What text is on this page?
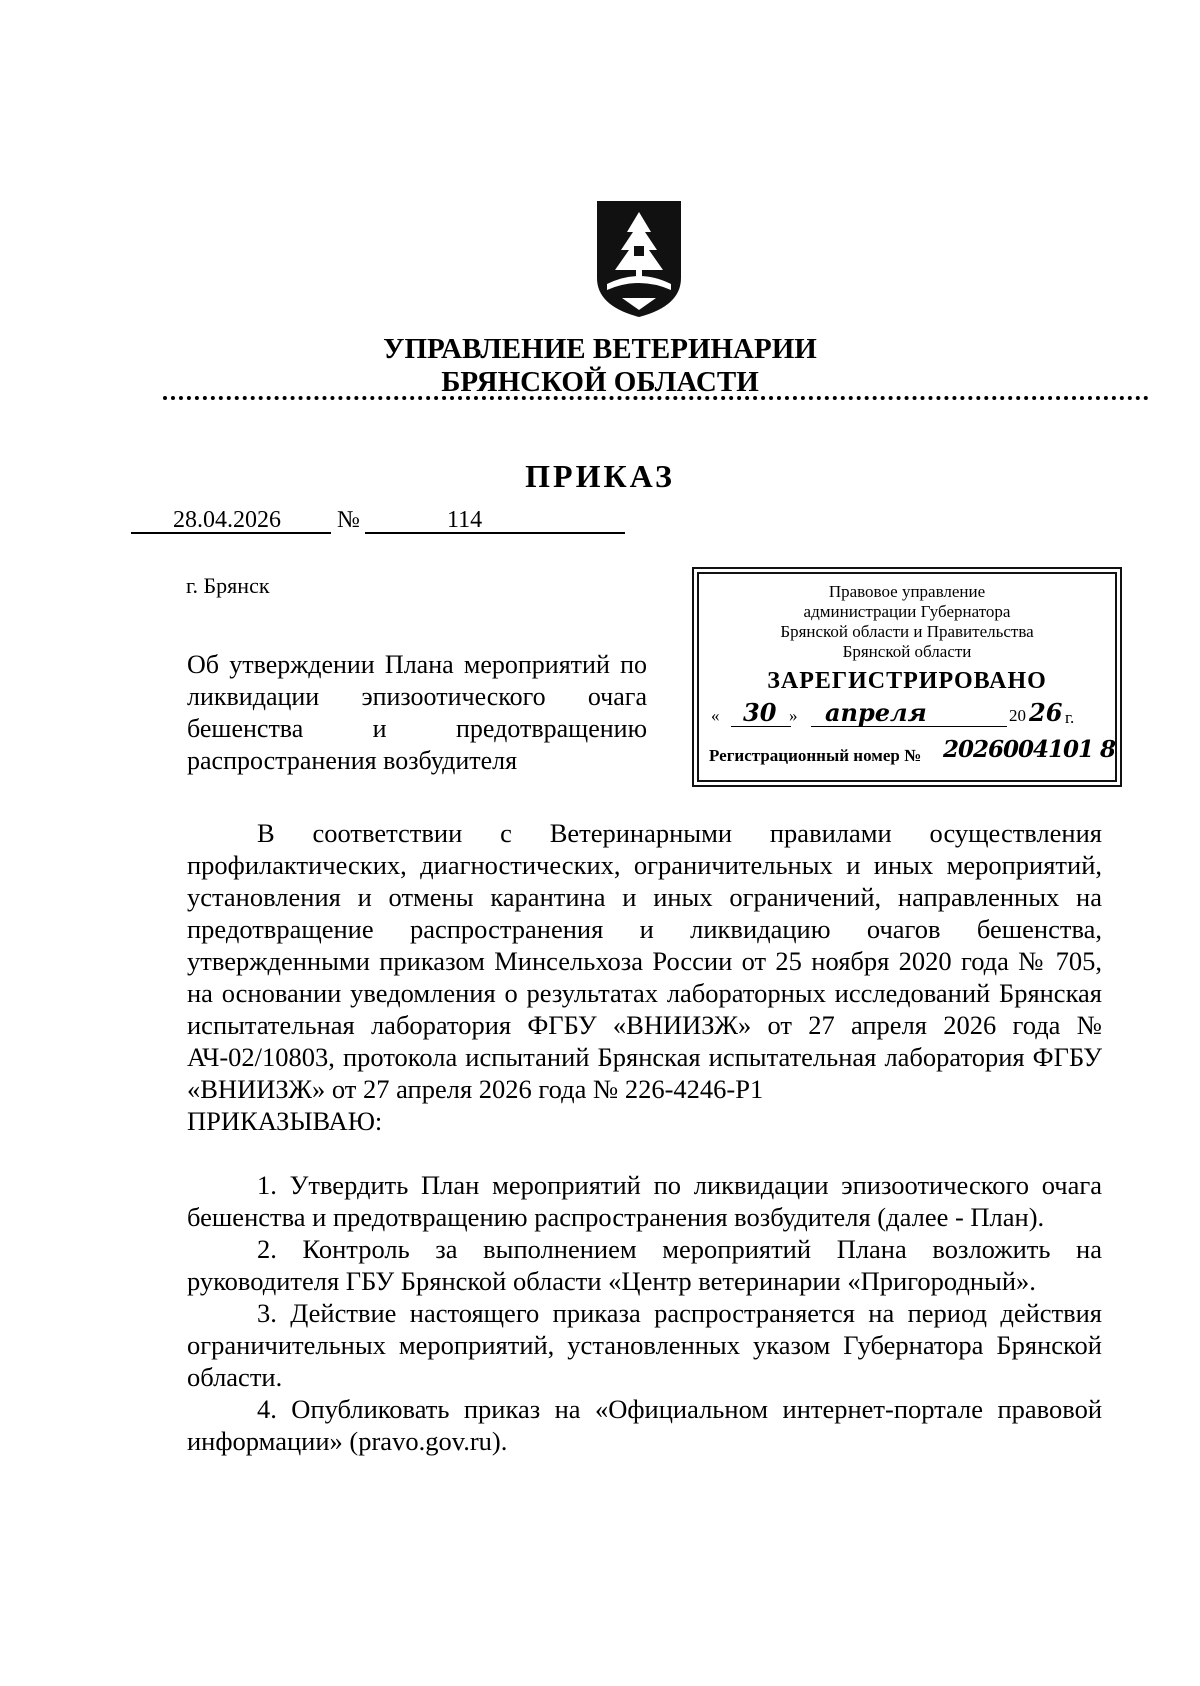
УПРАВЛЕНИЕ ВЕТЕРИНАРИИ
БРЯНСКОЙ ОБЛАСТИ
ПРИКАЗ
28.04.2026 №	114
г. Брянск

Об утверждении Плана мероприятий по ликвидации эпизоотического очага бешенства и предотвращению распространения возбудителя

Правовое управление
администрации Губернатора
Брянской области и Правительства
Брянской области
ЗАРЕГИСТРИРОВАНО
« 30 » апреля	20 26 г.
Регистрационный номер № 2026004101 8

В соответствии с Ветеринарными правилами осуществления профилактических, диагностических, ограничительных и иных мероприятий, установления и отмены карантина и иных ограничений, направленных на предотвращение распространения и ликвидацию очагов бешенства, утвержденными приказом Минсельхоза России от 25 ноября 2020 года № 705, на основании уведомления о результатах лабораторных исследований Брянская испытательная лаборатория ФГБУ «ВНИИЗЖ» от 27 апреля 2026 года № АЧ-02/10803, протокола испытаний Брянская испытательная лаборатория ФГБУ «ВНИИЗЖ» от 27 апреля 2026 года № 226-4246-Р1

ПРИКАЗЫВАЮ:

1. Утвердить План мероприятий по ликвидации эпизоотического очага бешенства и предотвращению распространения возбудителя (далее - План).

2. Контроль за выполнением мероприятий Плана возложить на руководителя ГБУ Брянской области «Центр ветеринарии «Пригородный».

3. Действие настоящего приказа распространяется на период действия ограничительных мероприятий, установленных указом Губернатора Брянской области.

4. Опубликовать приказ на «Официальном интернет-портале правовой информации» (pravo.gov.ru).
